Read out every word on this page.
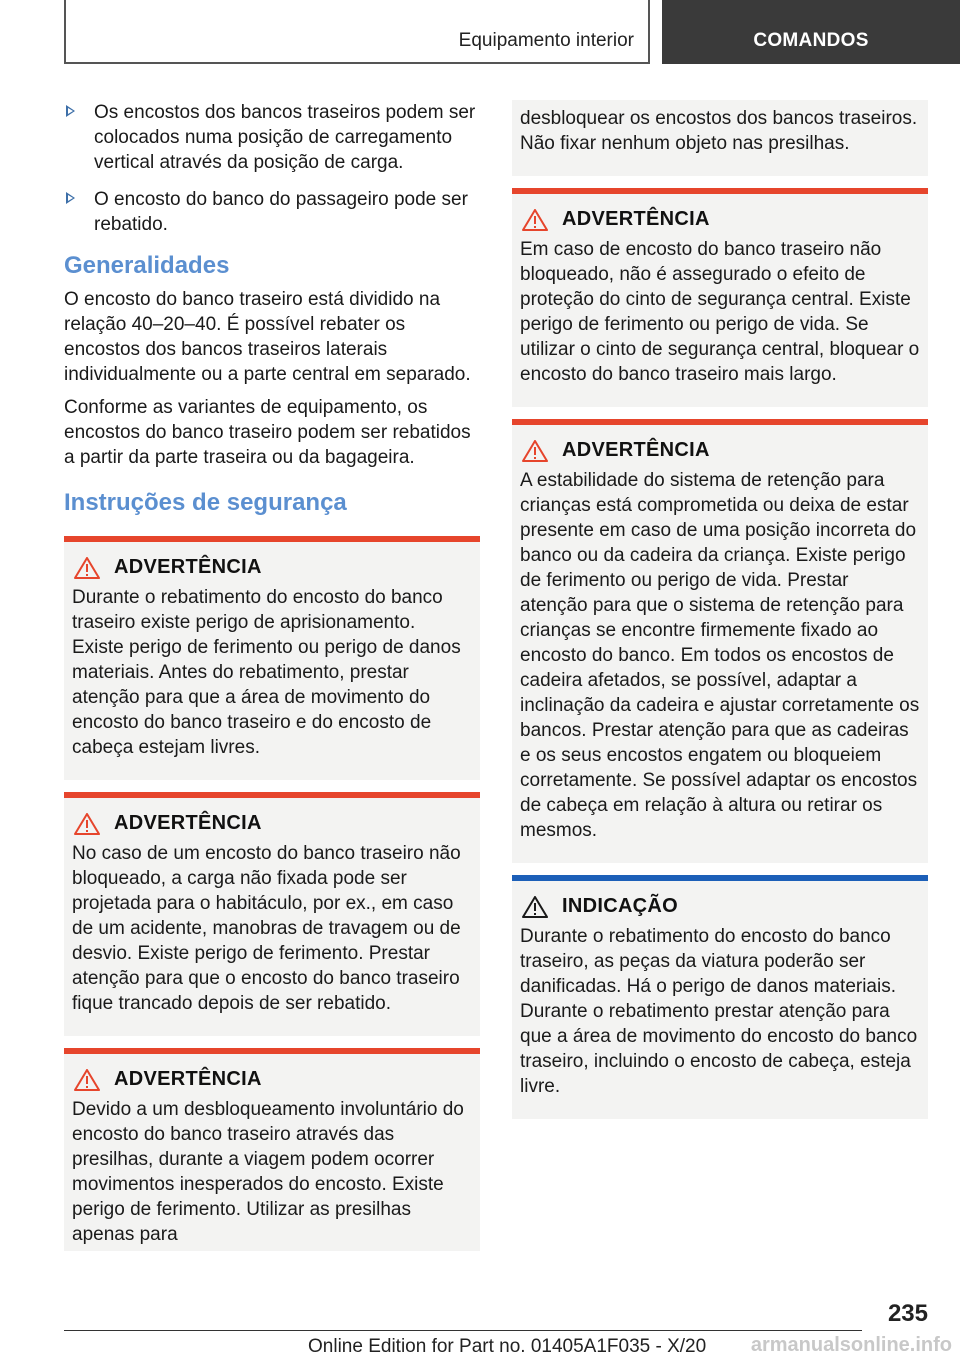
Equipamento interior	COMANDOS
Os encostos dos bancos traseiros podem ser colocados numa posição de carregamento vertical através da posição de carga.
O encosto do banco do passageiro pode ser rebatido.
Generalidades

O encosto do banco traseiro está dividido na relação 40–20–40. É possível rebater os encostos dos bancos traseiros laterais individualmente ou a parte central em separado.

Conforme as variantes de equipamento, os encostos do banco traseiro podem ser rebatidos a partir da parte traseira ou da bagageira.

Instruções de segurança
ADVERTÊNCIA

Durante o rebatimento do encosto do banco traseiro existe perigo de aprisionamento. Existe perigo de ferimento ou perigo de danos materiais. Antes do rebatimento, prestar atenção para que a área de movimento do encosto do banco traseiro e do encosto de cabeça estejam livres.

ADVERTÊNCIA

No caso de um encosto do banco traseiro não bloqueado, a carga não fixada pode ser projetada para o habitáculo, por ex., em caso de um acidente, manobras de travagem ou de desvio. Existe perigo de ferimento. Prestar atenção para que o encosto do banco traseiro fique trancado depois de ser rebatido.

ADVERTÊNCIA

Devido a um desbloqueamento involuntário do encosto do banco traseiro através das presilhas, durante a viagem podem ocorrer movimentos inesperados do encosto. Existe perigo de ferimento. Utilizar as presilhas apenas para

desbloquear os encostos dos bancos traseiros. Não fixar nenhum objeto nas presilhas.

ADVERTÊNCIA

Em caso de encosto do banco traseiro não bloqueado, não é assegurado o efeito de proteção do cinto de segurança central. Existe perigo de ferimento ou perigo de vida. Se utilizar o cinto de segurança central, bloquear o encosto do banco traseiro mais largo.

ADVERTÊNCIA

A estabilidade do sistema de retenção para crianças está comprometida ou deixa de estar presente em caso de uma posição incorreta do banco ou da cadeira da criança. Existe perigo de ferimento ou perigo de vida. Prestar atenção para que o sistema de retenção para crianças se encontre firmemente fixado ao encosto do banco. Em todos os encostos de cadeira afetados, se possível, adaptar a inclinação da cadeira e ajustar corretamente os bancos. Prestar atenção para que as cadeiras e os seus encostos engatem ou bloqueiem corretamente. Se possível adaptar os encostos de cabeça em relação à altura ou retirar os mesmos.

INDICAÇÃO

Durante o rebatimento do encosto do banco traseiro, as peças da viatura poderão ser danificadas. Há o perigo de danos materiais. Durante o rebatimento prestar atenção para que a área de movimento do encosto do banco traseiro, incluindo o encosto de cabeça, esteja livre.

235
Online Edition for Part no. 01405A1F035 - X/20 armanualsonline.info
